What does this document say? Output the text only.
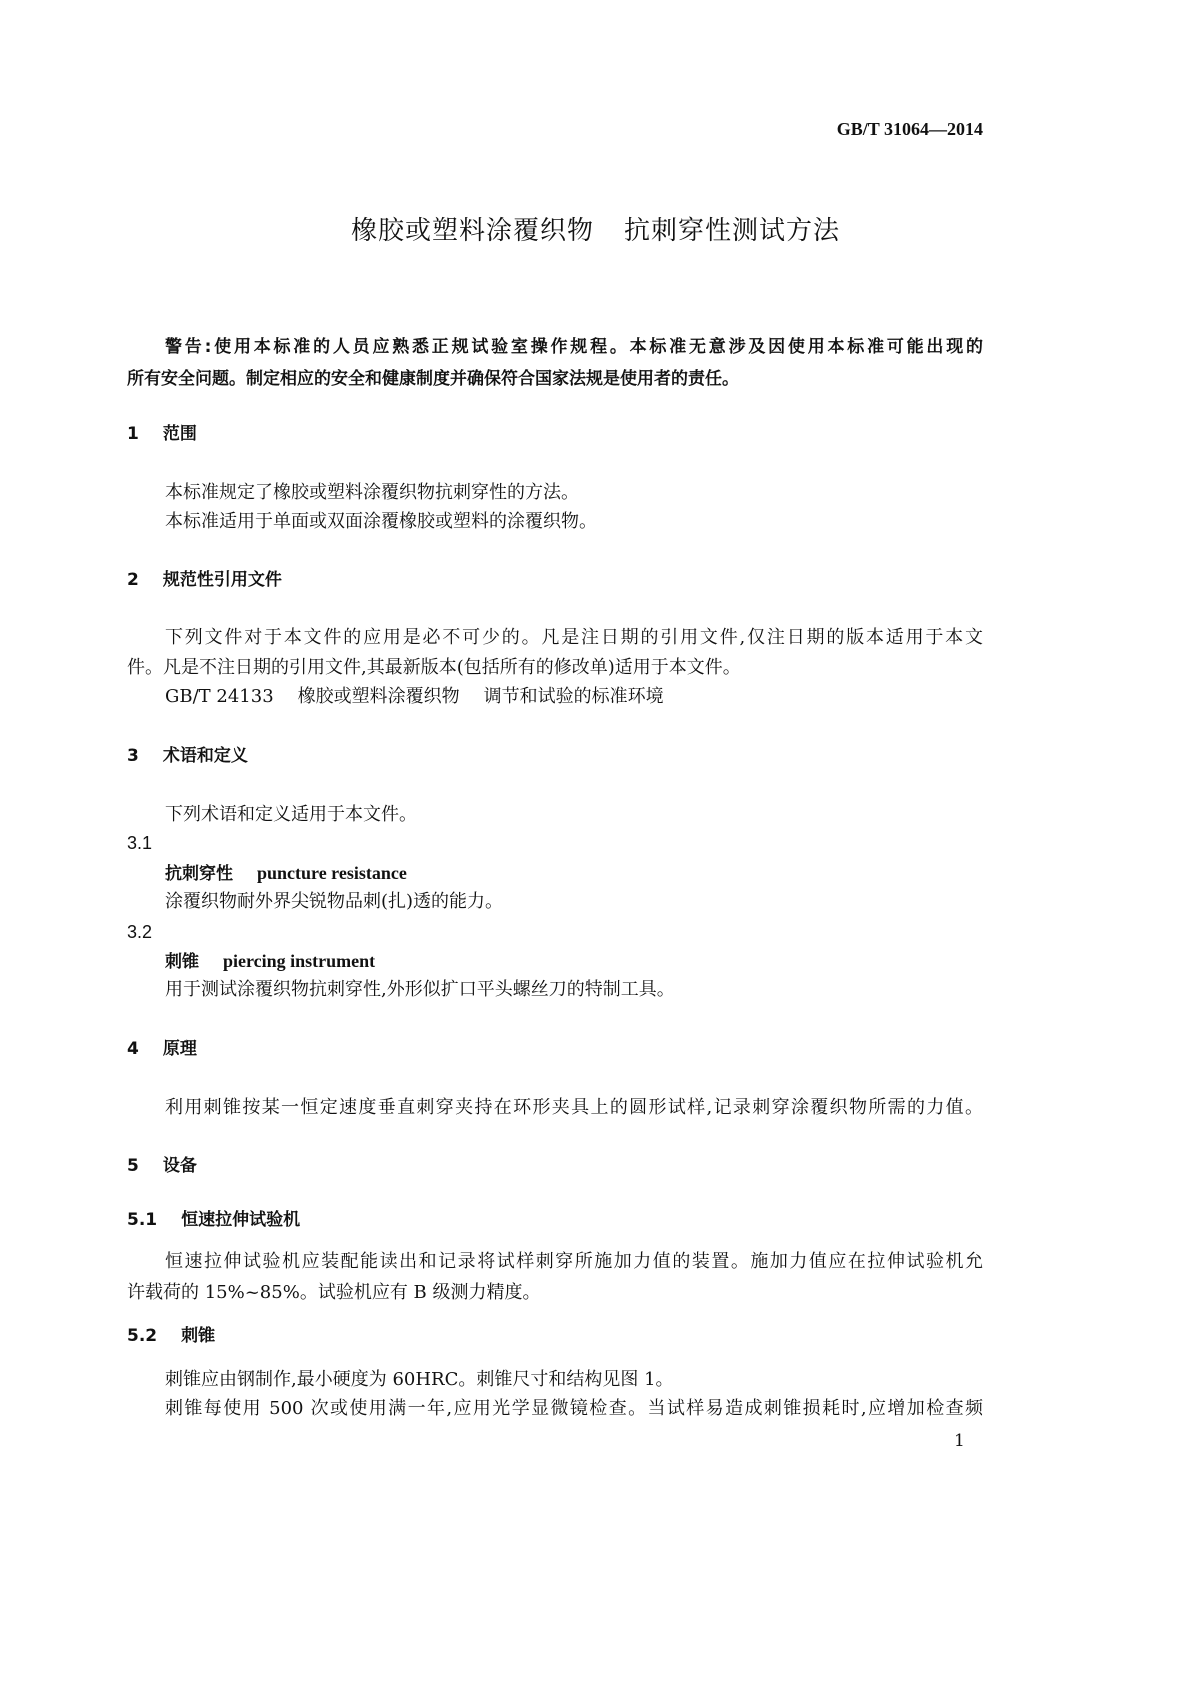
GB/T 31064—2014
橡胶或塑料涂覆织物 抗刺穿性测试方法
警告:使用本标准的人员应熟悉正规试验室操作规程。本标准无意涉及因使用本标准可能出现的
所有安全问题。制定相应的安全和健康制度并确保符合国家法规是使用者的责任。
1 范围
本标准规定了橡胶或塑料涂覆织物抗刺穿性的方法。
本标准适用于单面或双面涂覆橡胶或塑料的涂覆织物。
2 规范性引用文件
下列文件对于本文件的应用是必不可少的。凡是注日期的引用文件,仅注日期的版本适用于本文
件。凡是不注日期的引用文件,其最新版本(包括所有的修改单)适用于本文件。
GB/T 24133 橡胶或塑料涂覆织物 调节和试验的标准环境
3 术语和定义
下列术语和定义适用于本文件。
3.1
抗刺穿性 puncture resistance
涂覆织物耐外界尖锐物品刺(扎)透的能力。
3.2
刺锥 piercing instrument
用于测试涂覆织物抗刺穿性,外形似扩口平头螺丝刀的特制工具。
4 原理
利用刺锥按某一恒定速度垂直刺穿夹持在环形夹具上的圆形试样,记录刺穿涂覆织物所需的力值。
5 设备
5.1 恒速拉伸试验机
恒速拉伸试验机应装配能读出和记录将试样刺穿所施加力值的装置。施加力值应在拉伸试验机允
许载荷的 15%~85%。试验机应有 B 级测力精度。
5.2 刺锥
刺锥应由钢制作,最小硬度为 60HRC。刺锥尺寸和结构见图 1。
刺锥每使用 500 次或使用满一年,应用光学显微镜检查。当试样易造成刺锥损耗时,应增加检查频
1
